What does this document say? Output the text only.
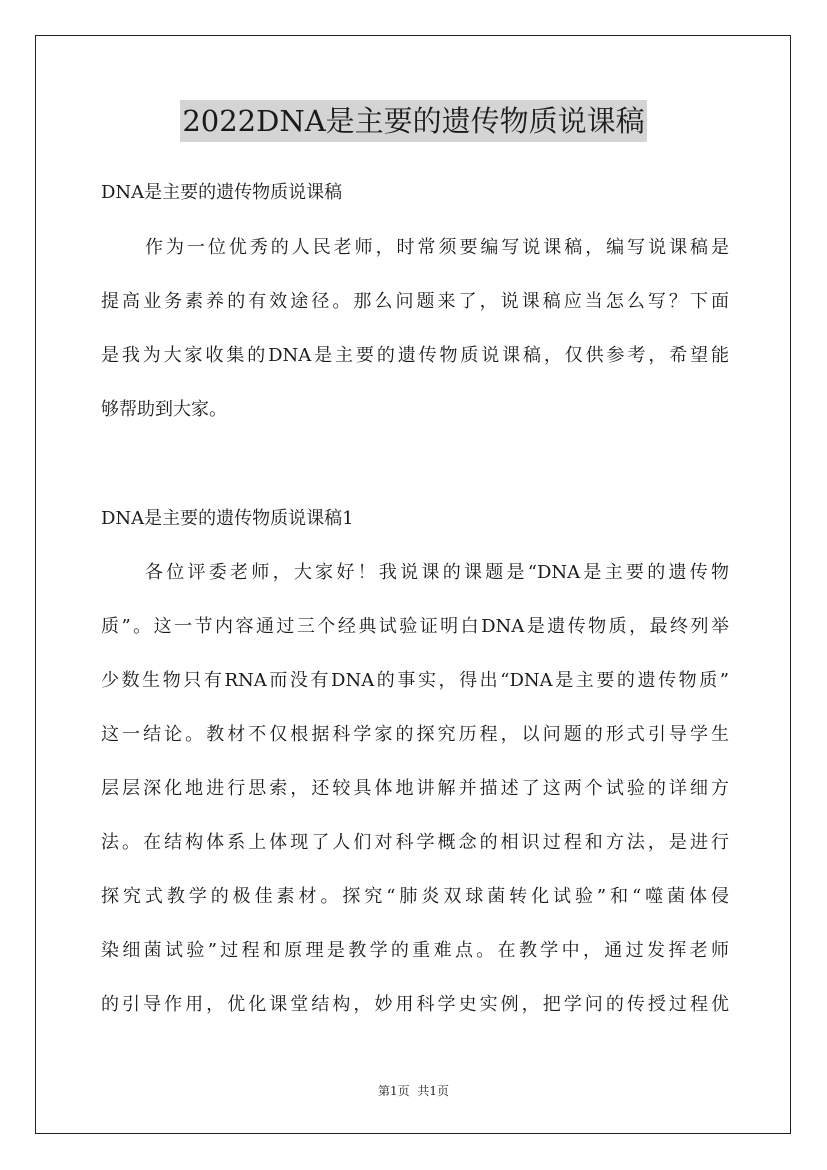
2022DNA是主要的遗传物质说课稿
DNA是主要的遗传物质说课稿
作为一位优秀的人民老师，时常须要编写说课稿，编写说课稿是
提高业务素养的有效途径。那么问题来了，说课稿应当怎么写？下面
是我为大家收集的DNA是主要的遗传物质说课稿，仅供参考，希望能
够帮助到大家。
DNA是主要的遗传物质说课稿1
各位评委老师，大家好！我说课的课题是“DNA是主要的遗传物
质”。这一节内容通过三个经典试验证明白DNA是遗传物质，最终列举
少数生物只有RNA而没有DNA的事实，得出“DNA是主要的遗传物质”
这一结论。教材不仅根据科学家的探究历程，以问题的形式引导学生
层层深化地进行思索，还较具体地讲解并描述了这两个试验的详细方
法。在结构体系上体现了人们对科学概念的相识过程和方法，是进行
探究式教学的极佳素材。探究“肺炎双球菌转化试验”和“噬菌体侵
染细菌试验”过程和原理是教学的重难点。在教学中，通过发挥老师
的引导作用，优化课堂结构，妙用科学史实例，把学问的传授过程优
第1页 共1页
